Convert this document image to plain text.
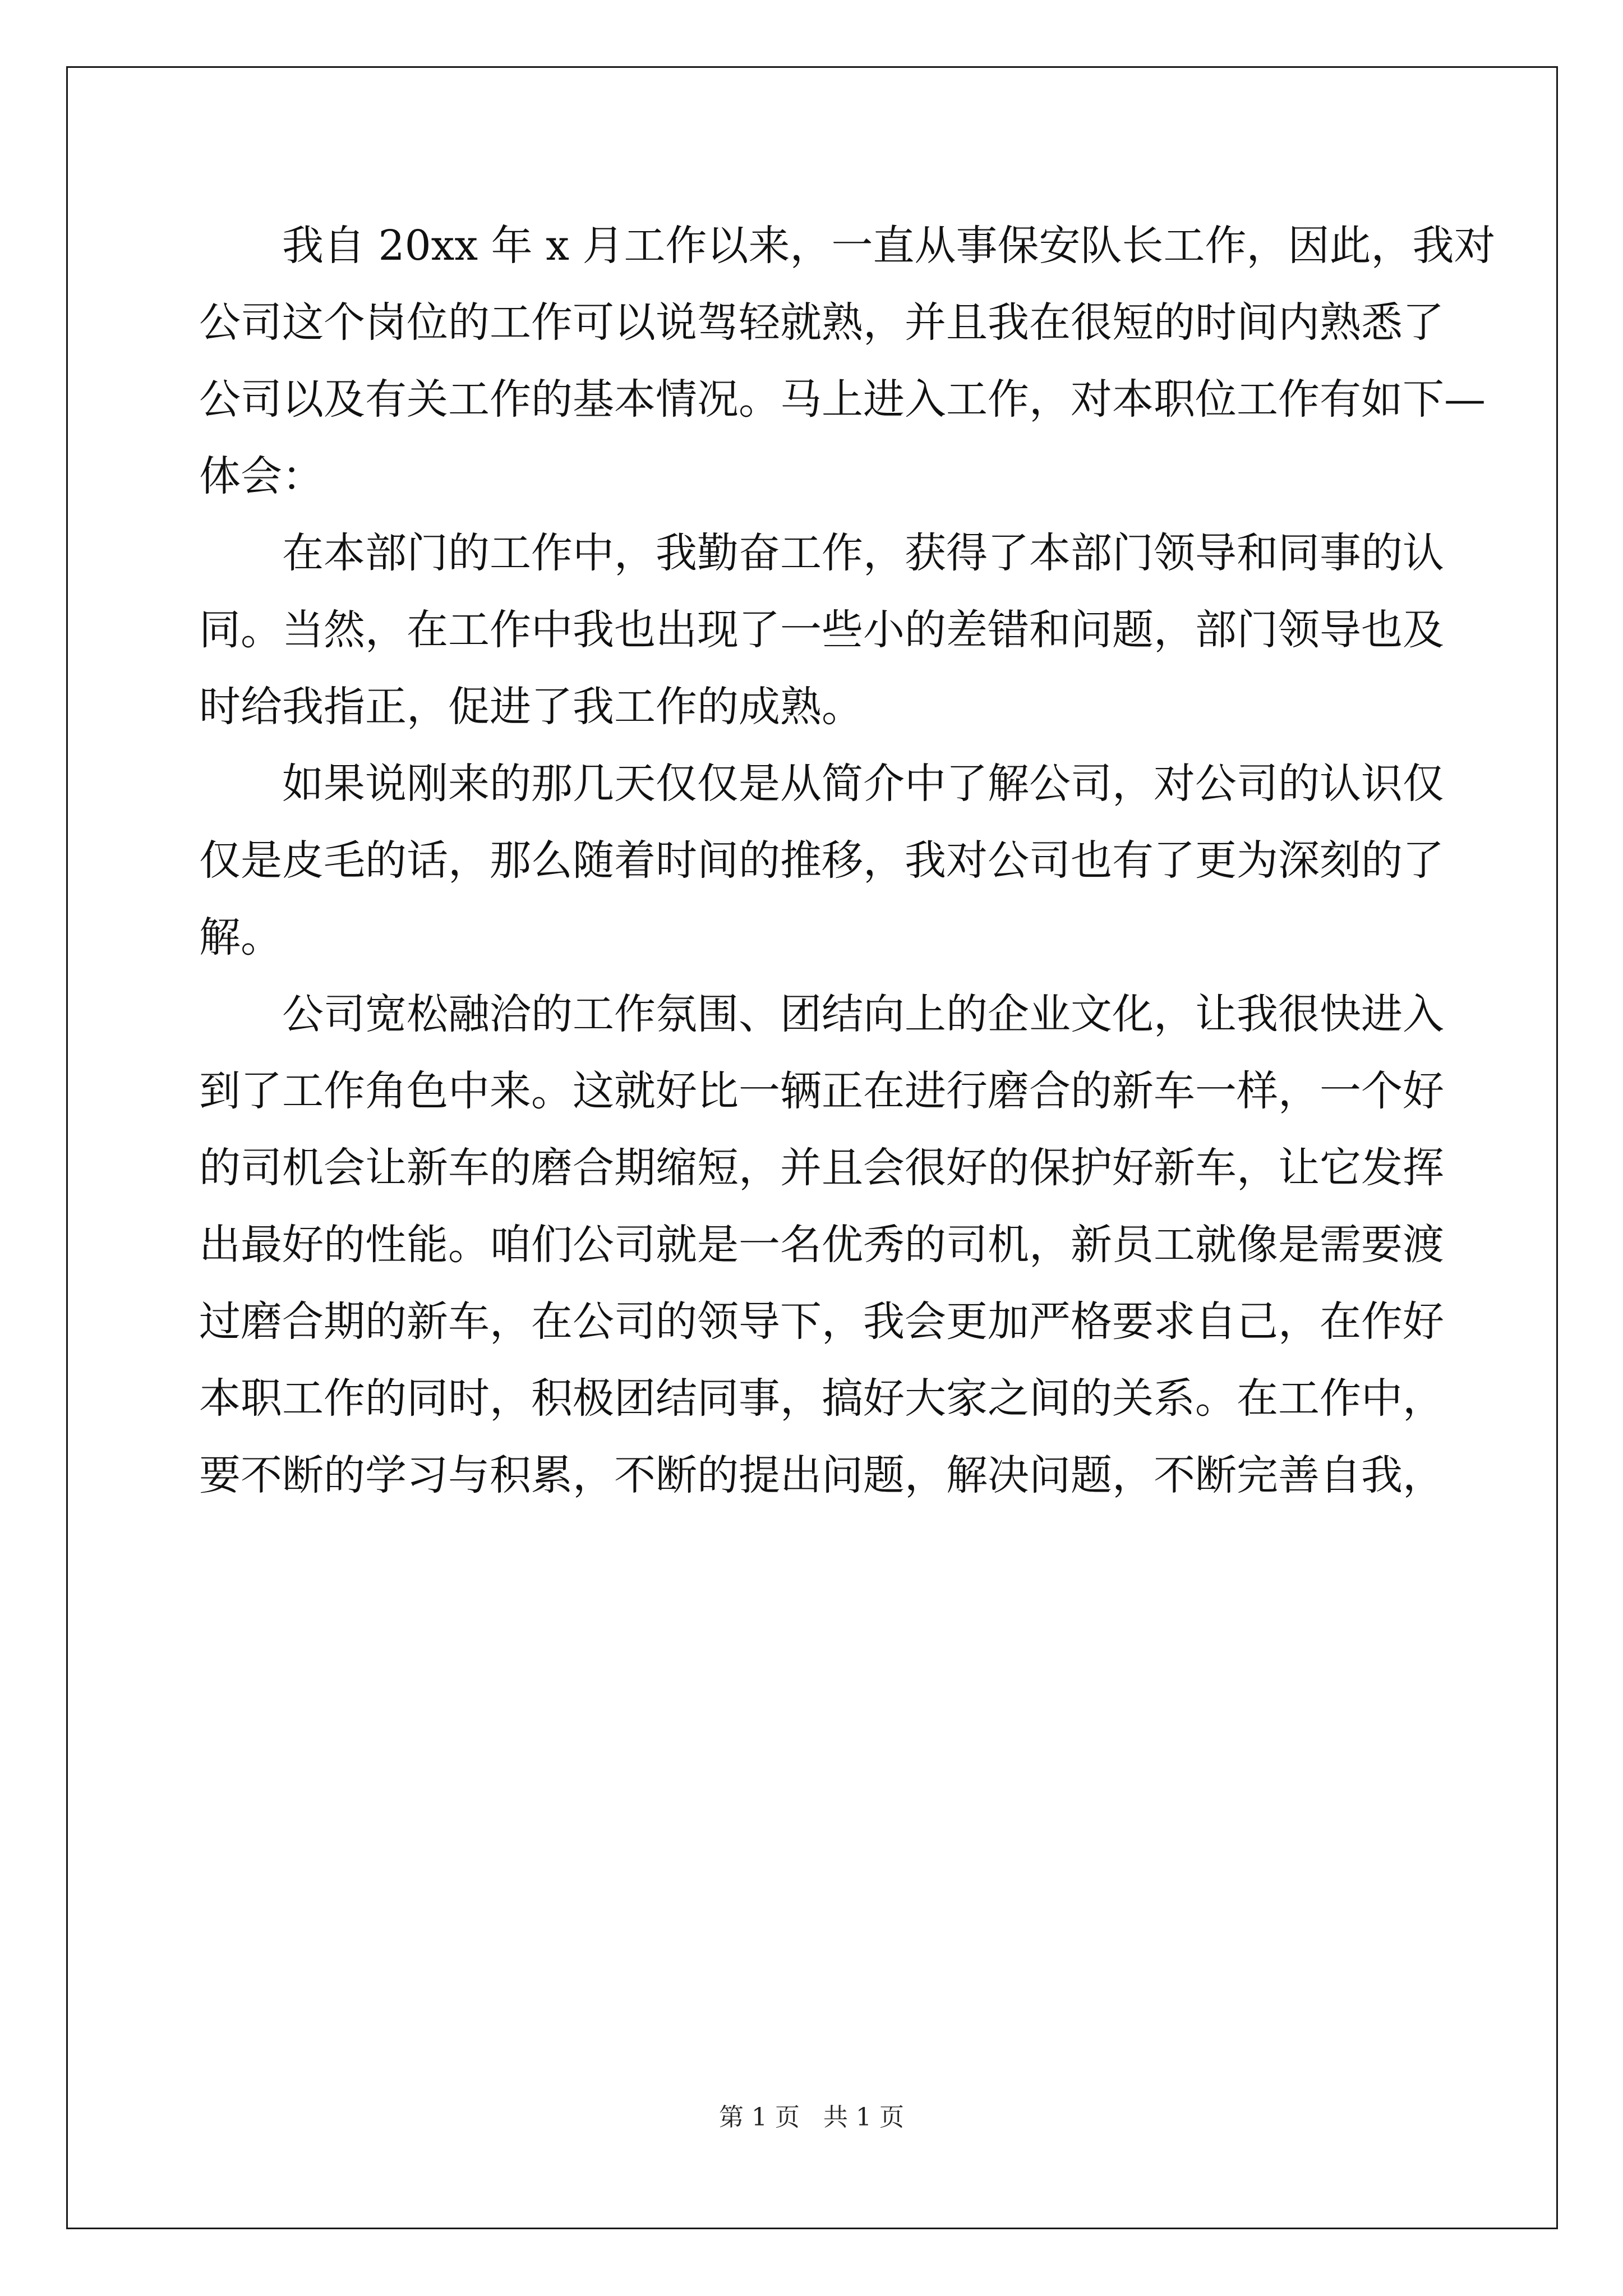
我自 20xx 年 x 月工作以来，一直从事保安队长工作，因此，我对
公司这个岗位的工作可以说驾轻就熟，并且我在很短的时间内熟悉了
公司以及有关工作的基本情况。马上进入工作，对本职位工作有如下—
体会：
在本部门的工作中，我勤奋工作，获得了本部门领导和同事的认
同。当然，在工作中我也出现了一些小的差错和问题，部门领导也及
时给我指正，促进了我工作的成熟。
如果说刚来的那几天仅仅是从简介中了解公司，对公司的认识仅
仅是皮毛的话，那么随着时间的推移，我对公司也有了更为深刻的了
解。
公司宽松融洽的工作氛围、团结向上的企业文化，让我很快进入
到了工作角色中来。这就好比一辆正在进行磨合的新车一样，一个好
的司机会让新车的磨合期缩短，并且会很好的保护好新车，让它发挥
出最好的性能。咱们公司就是一名优秀的司机，新员工就像是需要渡
过磨合期的新车，在公司的领导下，我会更加严格要求自己，在作好
本职工作的同时，积极团结同事，搞好大家之间的关系。在工作中，
要不断的学习与积累，不断的提出问题，解决问题，不断完善自我，
第 1 页 共 1 页
